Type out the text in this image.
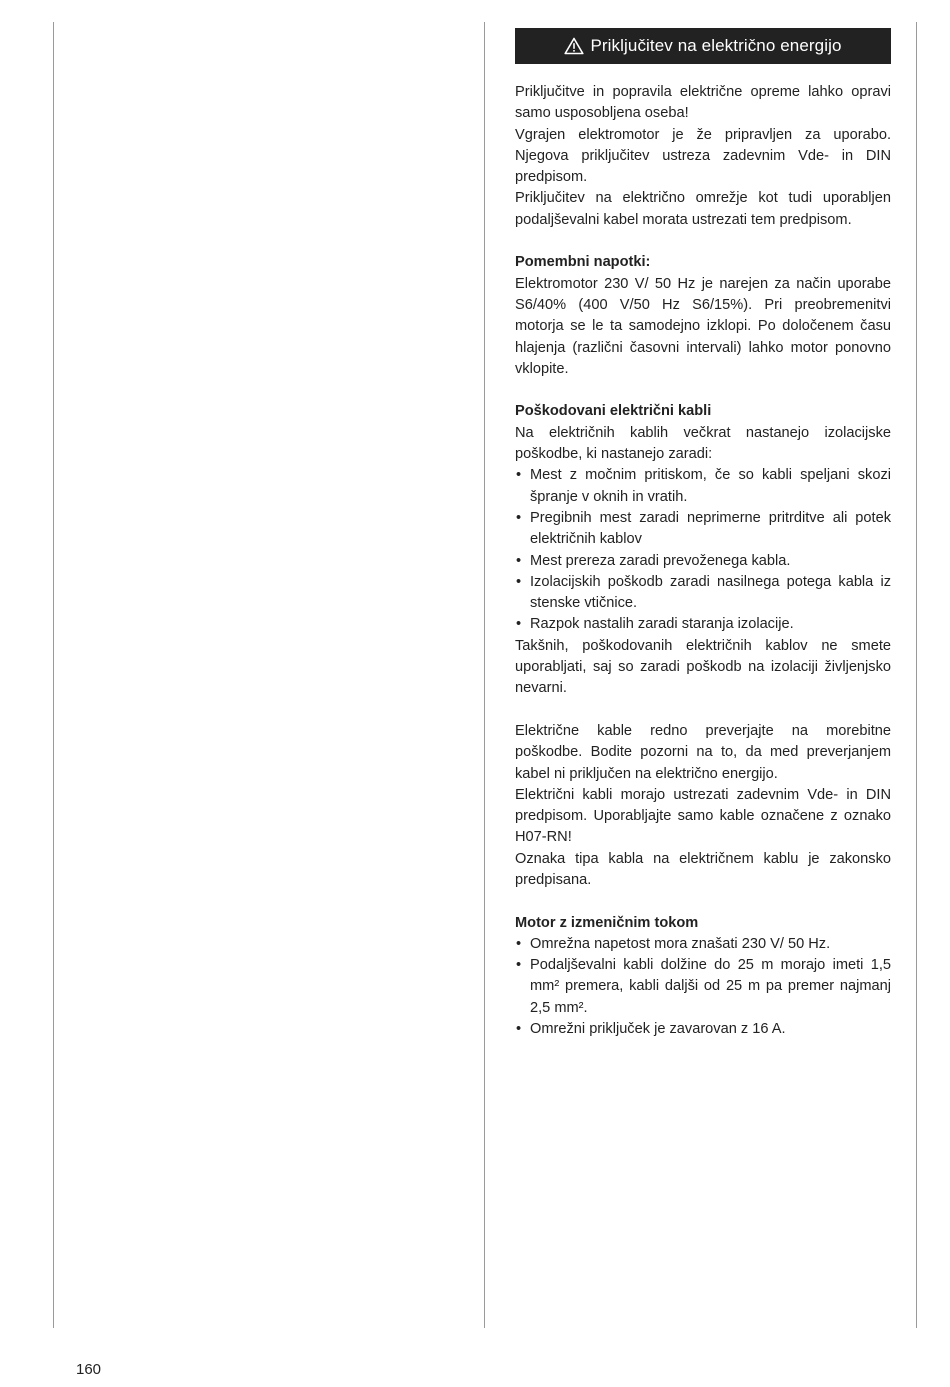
Priključitev na električno energijo

Priključitve in popravila električne opreme lahko opravi samo usposobljena oseba!

Vgrajen elektromotor je že pripravljen za uporabo. Njegova priključitev ustreza zadevnim Vde- in DIN predpisom.

Priključitev na električno omrežje kot tudi uporabljen podaljševalni kabel morata ustrezati tem predpisom.

Pomembni napotki:

Elektromotor 230 V/ 50 Hz je narejen za način uporabe S6/40% (400 V/50 Hz S6/15%). Pri preobremenitvi motorja se le ta samodejno izklopi. Po določenem času hlajenja (različni časovni intervali) lahko motor ponovno vklopite.

Poškodovani električni kabli

Na električnih kablih večkrat nastanejo izolacijske poškodbe, ki nastanejo zaradi:

• Mest z močnim pritiskom, če so kabli speljani skozi špranje v oknih in vratih.
• Pregibnih mest zaradi neprimerne pritrditve ali potek električnih kablov
• Mest prereza zaradi prevoženega kabla.
• Izolacijskih poškodb zaradi nasilnega potega kabla iz stenske vtičnice.
• Razpok nastalih zaradi staranja izolacije.

Takšnih, poškodovanih električnih kablov ne smete uporabljati, saj so zaradi poškodb na izolaciji življenjsko nevarni.

Električne kable redno preverjajte na morebitne poškodbe. Bodite pozorni na to, da med preverjanjem kabel ni priključen na električno energijo.

Električni kabli morajo ustrezati zadevnim Vde- in DIN predpisom. Uporabljajte samo kable označene z oznako H07-RN!

Oznaka tipa kabla na električnem kablu je zakonsko predpisana.

Motor z izmeničnim tokom

• Omrežna napetost mora znašati 230 V/ 50 Hz.
• Podaljševalni kabli dolžine do 25 m morajo imeti 1,5 mm² premera, kabli daljši od 25 m pa premer najmanj 2,5 mm².
• Omrežni priključek je zavarovan z 16 A.
160
